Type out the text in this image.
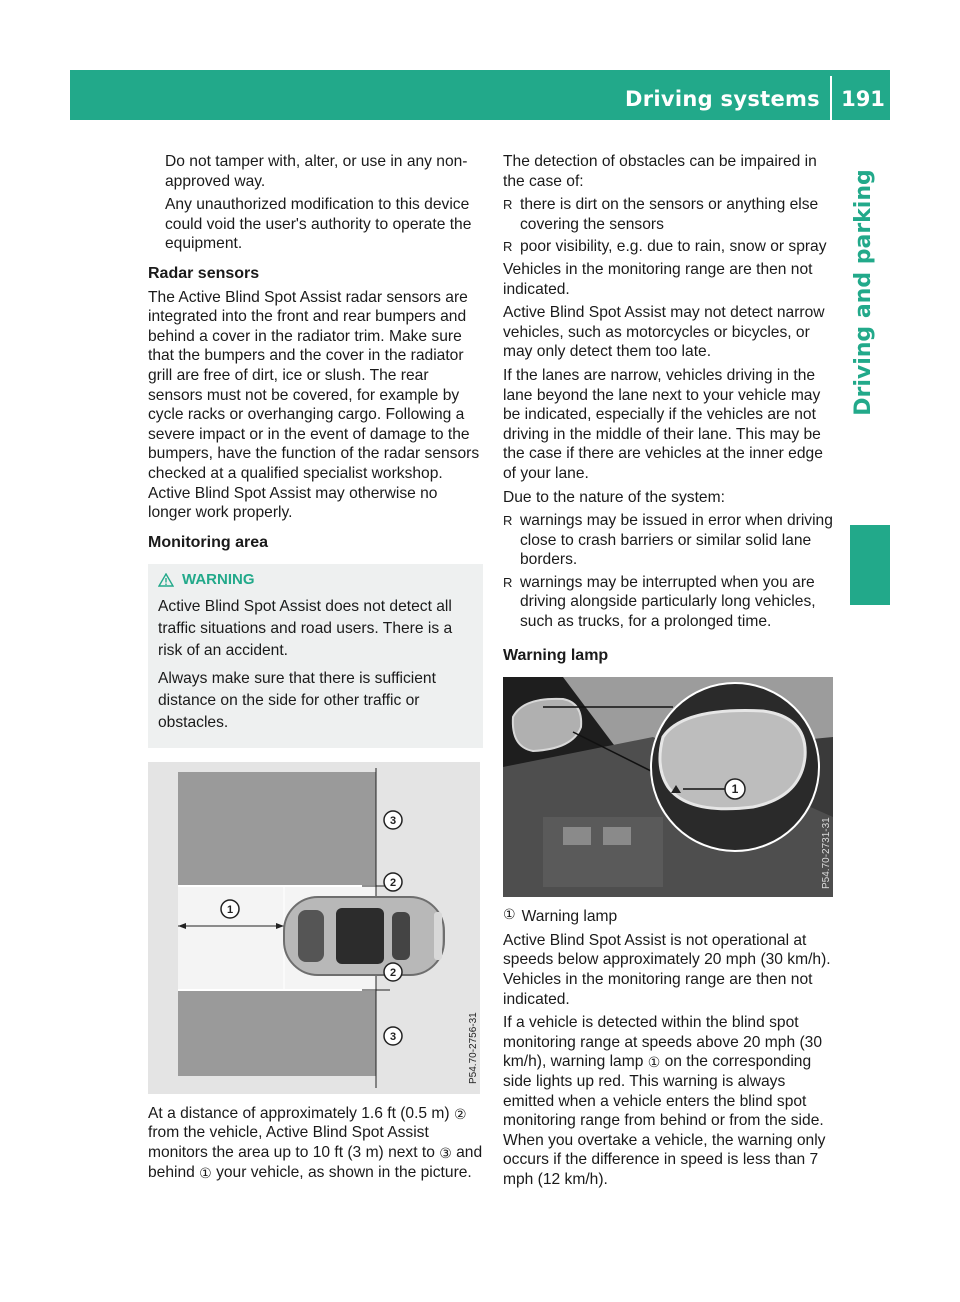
Driving systems 191
Driving and parking

Do not tamper with, alter, or use in any non-approved way.

Any unauthorized modification to this device could void the user's authority to operate the equipment.

Radar sensors

The Active Blind Spot Assist radar sensors are integrated into the front and rear bumpers and behind a cover in the radiator trim. Make sure that the bumpers and the cover in the radiator grill are free of dirt, ice or slush. The rear sensors must not be covered, for example by cycle racks or overhanging cargo. Following a severe impact or in the event of damage to the bumpers, have the function of the radar sensors checked at a qualified specialist workshop. Active Blind Spot Assist may otherwise no longer work properly.

Monitoring area
WARNING

Active Blind Spot Assist does not detect all traffic situations and road users. There is a risk of an accident.

Always make sure that there is sufficient distance on the side for other traffic or obstacles.

3
2
1
2
3	P54.70-2756-31

At a distance of approximately 1.6 ft (0.5 m) ② from the vehicle, Active Blind Spot Assist monitors the area up to 10 ft (3 m) next to ③ and behind ① your vehicle, as shown in the picture.

The detection of obstacles can be impaired in the case of:

R there is dirt on the sensors or anything else covering the sensors
R poor visibility, e.g. due to rain, snow or spray

Vehicles in the monitoring range are then not indicated.

Active Blind Spot Assist may not detect narrow vehicles, such as motorcycles or bicycles, or may only detect them too late.

If the lanes are narrow, vehicles driving in the lane beyond the lane next to your vehicle may be indicated, especially if the vehicles are not driving in the middle of their lane. This may be the case if there are vehicles at the inner edge of your lane.

Due to the nature of the system:

R warnings may be issued in error when driving close to crash barriers or similar solid lane borders.
R warnings may be interrupted when you are driving alongside particularly long vehicles, such as trucks, for a prolonged time.
Warning lamp
1
P54.70-2731-31
① Warning lamp

Active Blind Spot Assist is not operational at speeds below approximately 20 mph (30 km/h). Vehicles in the monitoring range are then not indicated.

If a vehicle is detected within the blind spot monitoring range at speeds above 20 mph (30 km/h), warning lamp ① on the corresponding side lights up red. This warning is always emitted when a vehicle enters the blind spot monitoring range from behind or from the side. When you overtake a vehicle, the warning only occurs if the difference in speed is less than 7 mph (12 km/h).
